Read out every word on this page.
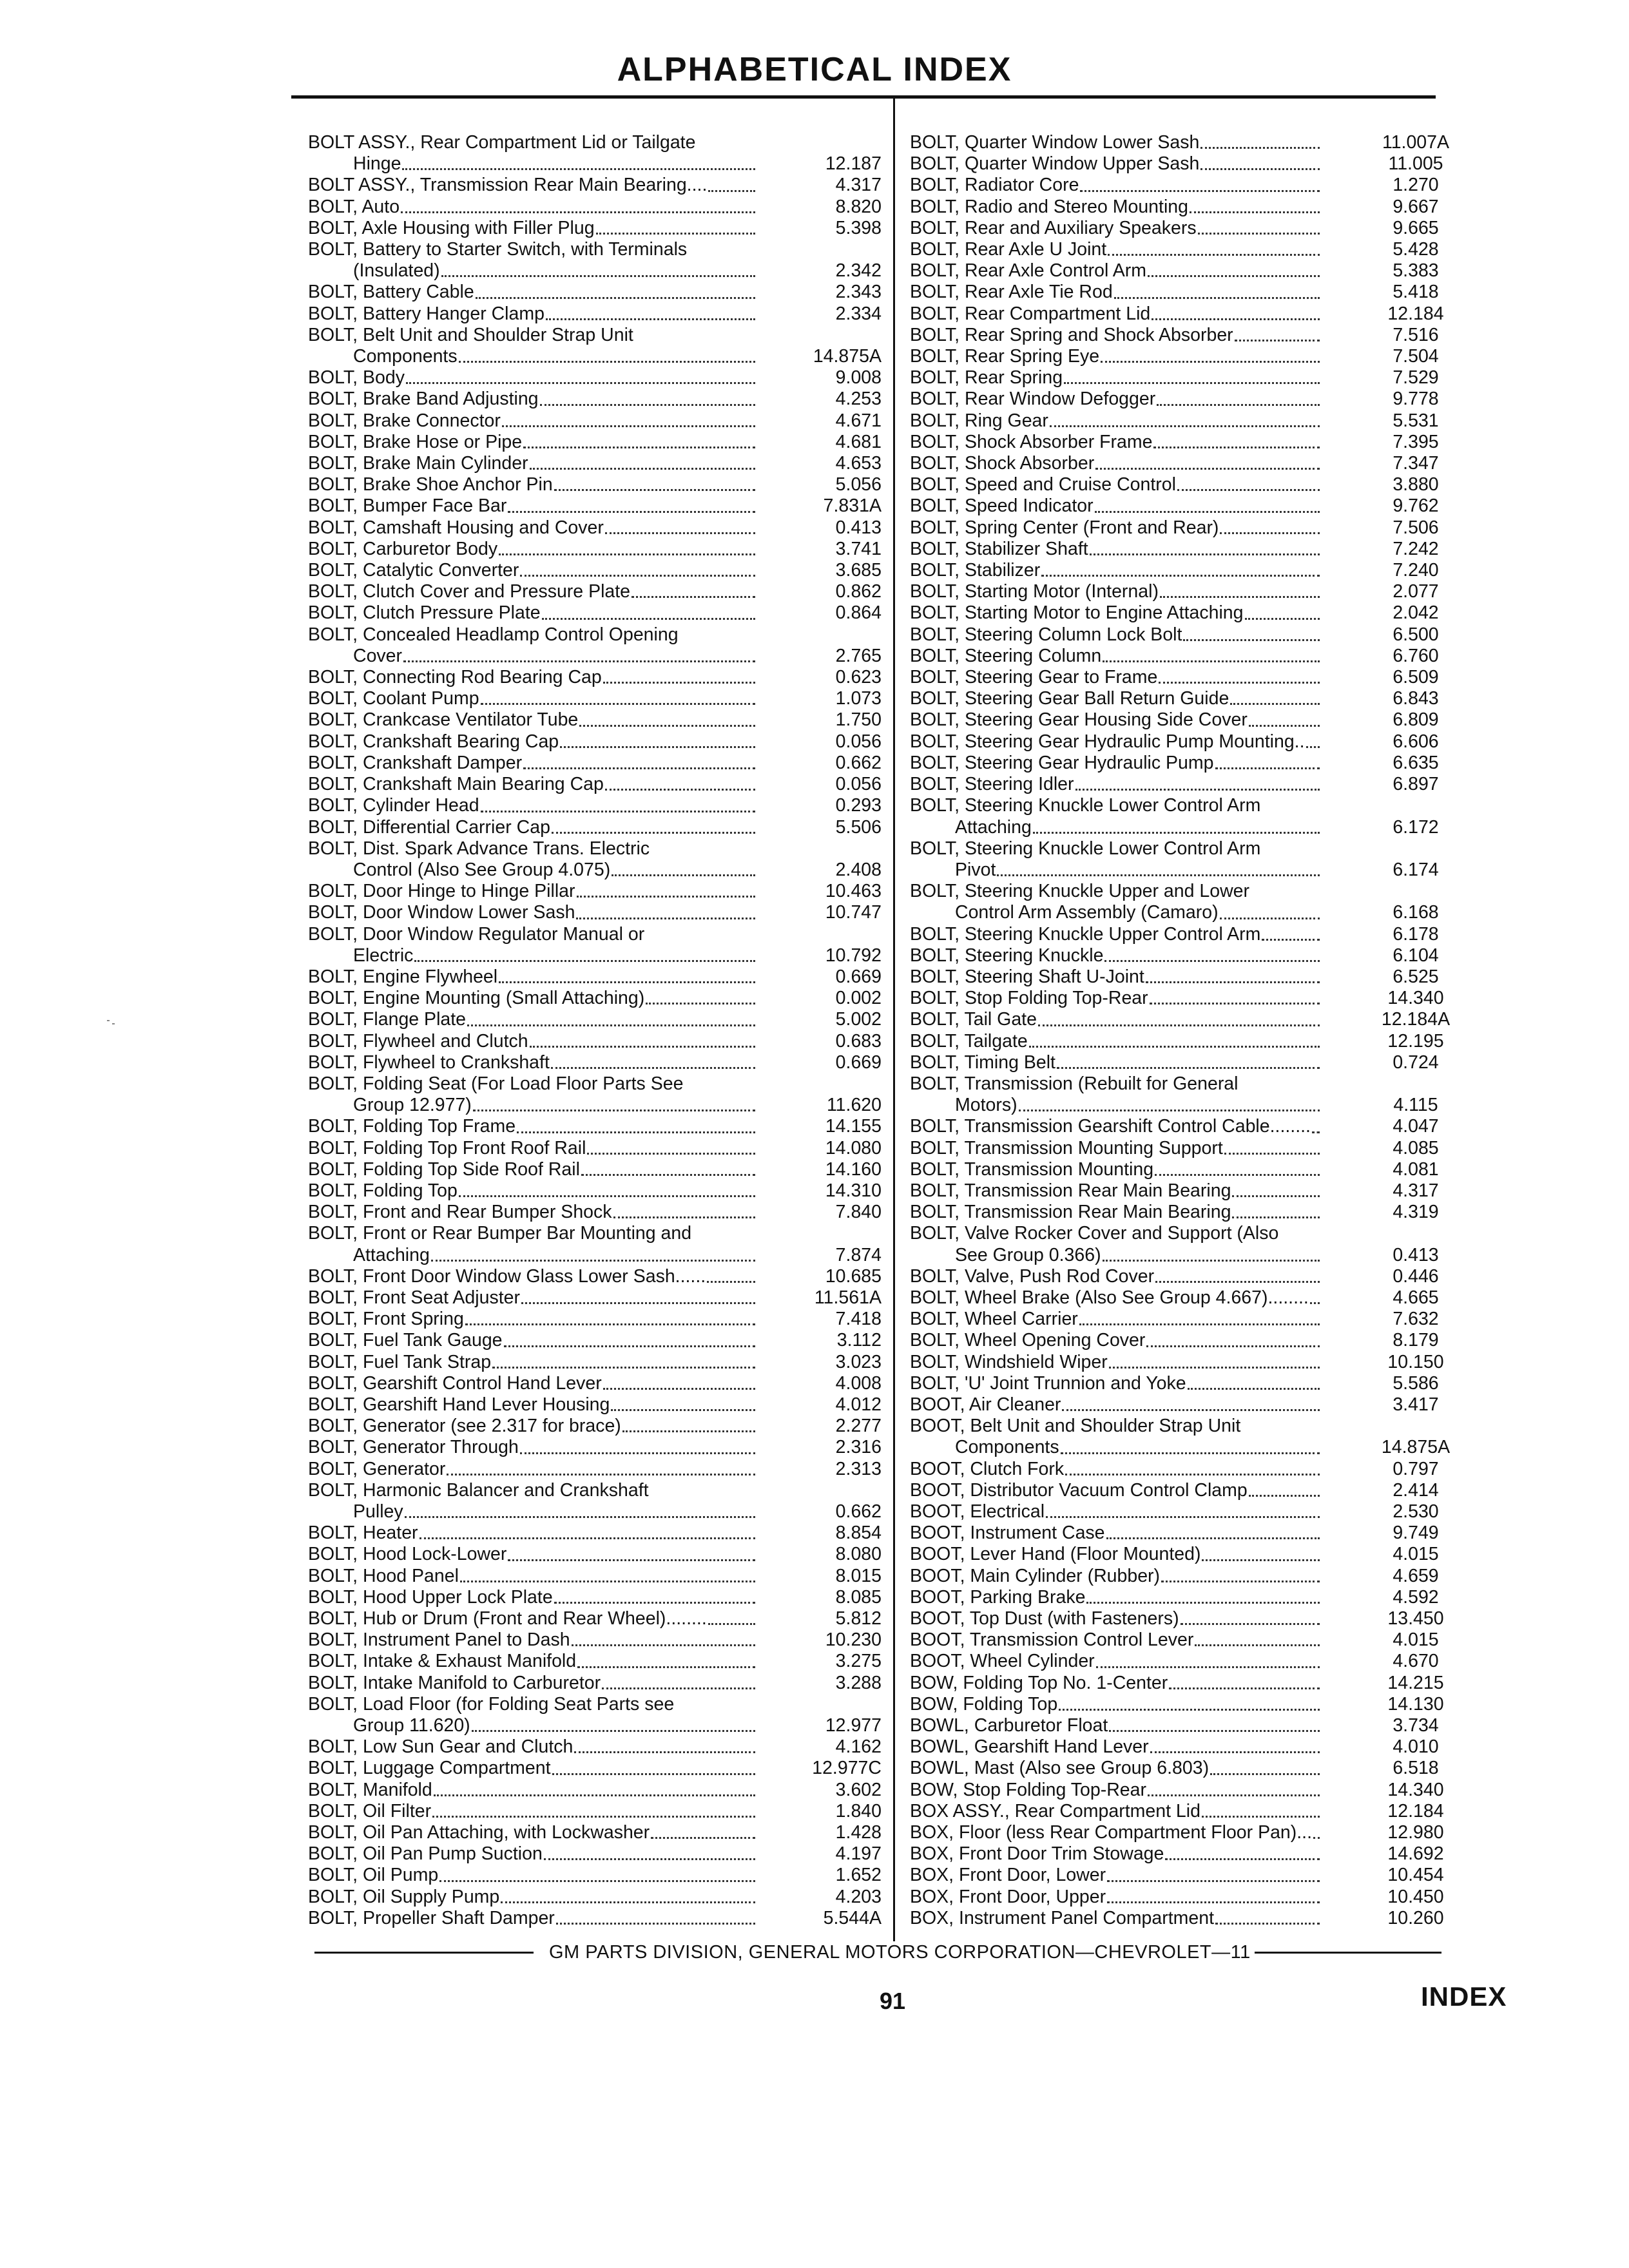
ALPHABETICAL INDEX
BOLT ASSY., Rear Compartment Lid or Tailgate
Hinge	12.187
BOLT ASSY., Transmission Rear Main Bearing....	4.317
BOLT, Auto	8.820
BOLT, Axle Housing with Filler Plug	5.398
BOLT, Battery to Starter Switch, with Terminals
(Insulated)	2.342
BOLT, Battery Cable	2.343
BOLT, Battery Hanger Clamp	2.334
BOLT, Belt Unit and Shoulder Strap Unit
Components	14.875A
BOLT, Body	9.008
BOLT, Brake Band Adjusting	4.253
BOLT, Brake Connector	4.671
BOLT, Brake Hose or Pipe	4.681
BOLT, Brake Main Cylinder	4.653
BOLT, Brake Shoe Anchor Pin	5.056
BOLT, Bumper Face Bar	7.831A
BOLT, Camshaft Housing and Cover	0.413
BOLT, Carburetor Body	3.741
BOLT, Catalytic Converter	3.685
BOLT, Clutch Cover and Pressure Plate	0.862
BOLT, Clutch Pressure Plate	0.864
BOLT, Concealed Headlamp Control Opening
Cover	2.765
BOLT, Connecting Rod Bearing Cap	0.623
BOLT, Coolant Pump	1.073
BOLT, Crankcase Ventilator Tube	1.750
BOLT, Crankshaft Bearing Cap	0.056
BOLT, Crankshaft Damper	0.662
BOLT, Crankshaft Main Bearing Cap	0.056
BOLT, Cylinder Head	0.293
BOLT, Differential Carrier Cap	5.506
BOLT, Dist. Spark Advance Trans. Electric
Control (Also See Group 4.075)	2.408
BOLT, Door Hinge to Hinge Pillar	10.463
BOLT, Door Window Lower Sash	10.747
BOLT, Door Window Regulator Manual or
Electric	10.792
BOLT, Engine Flywheel	0.669
BOLT, Engine Mounting (Small Attaching)	0.002
BOLT, Flange Plate	5.002
BOLT, Flywheel and Clutch	0.683
BOLT, Flywheel to Crankshaft	0.669
BOLT, Folding Seat (For Load Floor Parts See
Group 12.977)	11.620
BOLT, Folding Top Frame	14.155
BOLT, Folding Top Front Roof Rail	14.080
BOLT, Folding Top Side Roof Rail	14.160
BOLT, Folding Top	14.310
BOLT, Front and Rear Bumper Shock	7.840
BOLT, Front or Rear Bumper Bar Mounting and
Attaching	7.874
BOLT, Front Door Window Glass Lower Sash......	10.685
BOLT, Front Seat Adjuster	11.561A
BOLT, Front Spring	7.418
BOLT, Fuel Tank Gauge	3.112
BOLT, Fuel Tank Strap	3.023
BOLT, Gearshift Control Hand Lever	4.008
BOLT, Gearshift Hand Lever Housing	4.012
BOLT, Generator (see 2.317 for brace)	2.277
BOLT, Generator Through	2.316
BOLT, Generator	2.313
BOLT, Harmonic Balancer and Crankshaft
Pulley	0.662
BOLT, Heater	8.854
BOLT, Hood Lock-Lower	8.080
BOLT, Hood Panel	8.015
BOLT, Hood Upper Lock Plate	8.085
BOLT, Hub or Drum (Front and Rear Wheel)........	5.812
BOLT, Instrument Panel to Dash	10.230
BOLT, Intake & Exhaust Manifold	3.275
BOLT, Intake Manifold to Carburetor	3.288
BOLT, Load Floor (for Folding Seat Parts see
Group 11.620)	12.977
BOLT, Low Sun Gear and Clutch	4.162
BOLT, Luggage Compartment	12.977C
BOLT, Manifold	3.602
BOLT, Oil Filter	1.840
BOLT, Oil Pan Attaching, with Lockwasher	1.428
BOLT, Oil Pan Pump Suction	4.197
BOLT, Oil Pump	1.652
BOLT, Oil Supply Pump	4.203
BOLT, Propeller Shaft Damper	5.544A
BOLT, Quarter Window Lower Sash	11.007A
BOLT, Quarter Window Upper Sash	11.005
BOLT, Radiator Core	1.270
BOLT, Radio and Stereo Mounting	9.667
BOLT, Rear and Auxiliary Speakers	9.665
BOLT, Rear Axle U Joint	5.428
BOLT, Rear Axle Control Arm	5.383
BOLT, Rear Axle Tie Rod	5.418
BOLT, Rear Compartment Lid	12.184
BOLT, Rear Spring and Shock Absorber	7.516
BOLT, Rear Spring Eye	7.504
BOLT, Rear Spring	7.529
BOLT, Rear Window Defogger	9.778
BOLT, Ring Gear	5.531
BOLT, Shock Absorber Frame	7.395
BOLT, Shock Absorber	7.347
BOLT, Speed and Cruise Control	3.880
BOLT, Speed Indicator	9.762
BOLT, Spring Center (Front and Rear)	7.506
BOLT, Stabilizer Shaft	7.242
BOLT, Stabilizer	7.240
BOLT, Starting Motor (Internal)	2.077
BOLT, Starting Motor to Engine Attaching	2.042
BOLT, Steering Column Lock Bolt	6.500
BOLT, Steering Column	6.760
BOLT, Steering Gear to Frame	6.509
BOLT, Steering Gear Ball Return Guide	6.843
BOLT, Steering Gear Housing Side Cover	6.809
BOLT, Steering Gear Hydraulic Pump Mounting..	6.606
BOLT, Steering Gear Hydraulic Pump	6.635
BOLT, Steering Idler	6.897
BOLT, Steering Knuckle Lower Control Arm
Attaching	6.172
BOLT, Steering Knuckle Lower Control Arm
Pivot	6.174
BOLT, Steering Knuckle Upper and Lower
Control Arm Assembly (Camaro)	6.168
BOLT, Steering Knuckle Upper Control Arm	6.178
BOLT, Steering Knuckle	6.104
BOLT, Steering Shaft U-Joint	6.525
BOLT, Stop Folding Top-Rear	14.340
BOLT, Tail Gate	12.184A
BOLT, Tailgate	12.195
BOLT, Timing Belt	0.724
BOLT, Transmission (Rebuilt for General
Motors)	4.115
BOLT, Transmission Gearshift Control Cable........	4.047
BOLT, Transmission Mounting Support	4.085
BOLT, Transmission Mounting	4.081
BOLT, Transmission Rear Main Bearing	4.317
BOLT, Transmission Rear Main Bearing	4.319
BOLT, Valve Rocker Cover and Support (Also
See Group 0.366)	0.413
BOLT, Valve, Push Rod Cover	0.446
BOLT, Wheel Brake (Also See Group 4.667)........	4.665
BOLT, Wheel Carrier	7.632
BOLT, Wheel Opening Cover	8.179
BOLT, Windshield Wiper	10.150
BOLT, 'U' Joint Trunnion and Yoke	5.586
BOOT, Air Cleaner	3.417
BOOT, Belt Unit and Shoulder Strap Unit
Components	14.875A
BOOT, Clutch Fork	0.797
BOOT, Distributor Vacuum Control Clamp	2.414
BOOT, Electrical	2.530
BOOT, Instrument Case	9.749
BOOT, Lever Hand (Floor Mounted)	4.015
BOOT, Main Cylinder (Rubber)	4.659
BOOT, Parking Brake	4.592
BOOT, Top Dust (with Fasteners)	13.450
BOOT, Transmission Control Lever	4.015
BOOT, Wheel Cylinder	4.670
BOW, Folding Top No. 1-Center	14.215
BOW, Folding Top	14.130
BOWL, Carburetor Float	3.734
BOWL, Gearshift Hand Lever	4.010
BOWL, Mast (Also see Group 6.803)	6.518
BOW, Stop Folding Top-Rear	14.340
BOX ASSY., Rear Compartment Lid	12.184
BOX, Floor (less Rear Compartment Floor Pan)...	12.980
BOX, Front Door Trim Stowage	14.692
BOX, Front Door, Lower	10.454
BOX, Front Door, Upper	10.450
BOX, Instrument Panel Compartment	10.260
GM PARTS DIVISION, GENERAL MOTORS CORPORATION—CHEVROLET—11
91	INDEX
